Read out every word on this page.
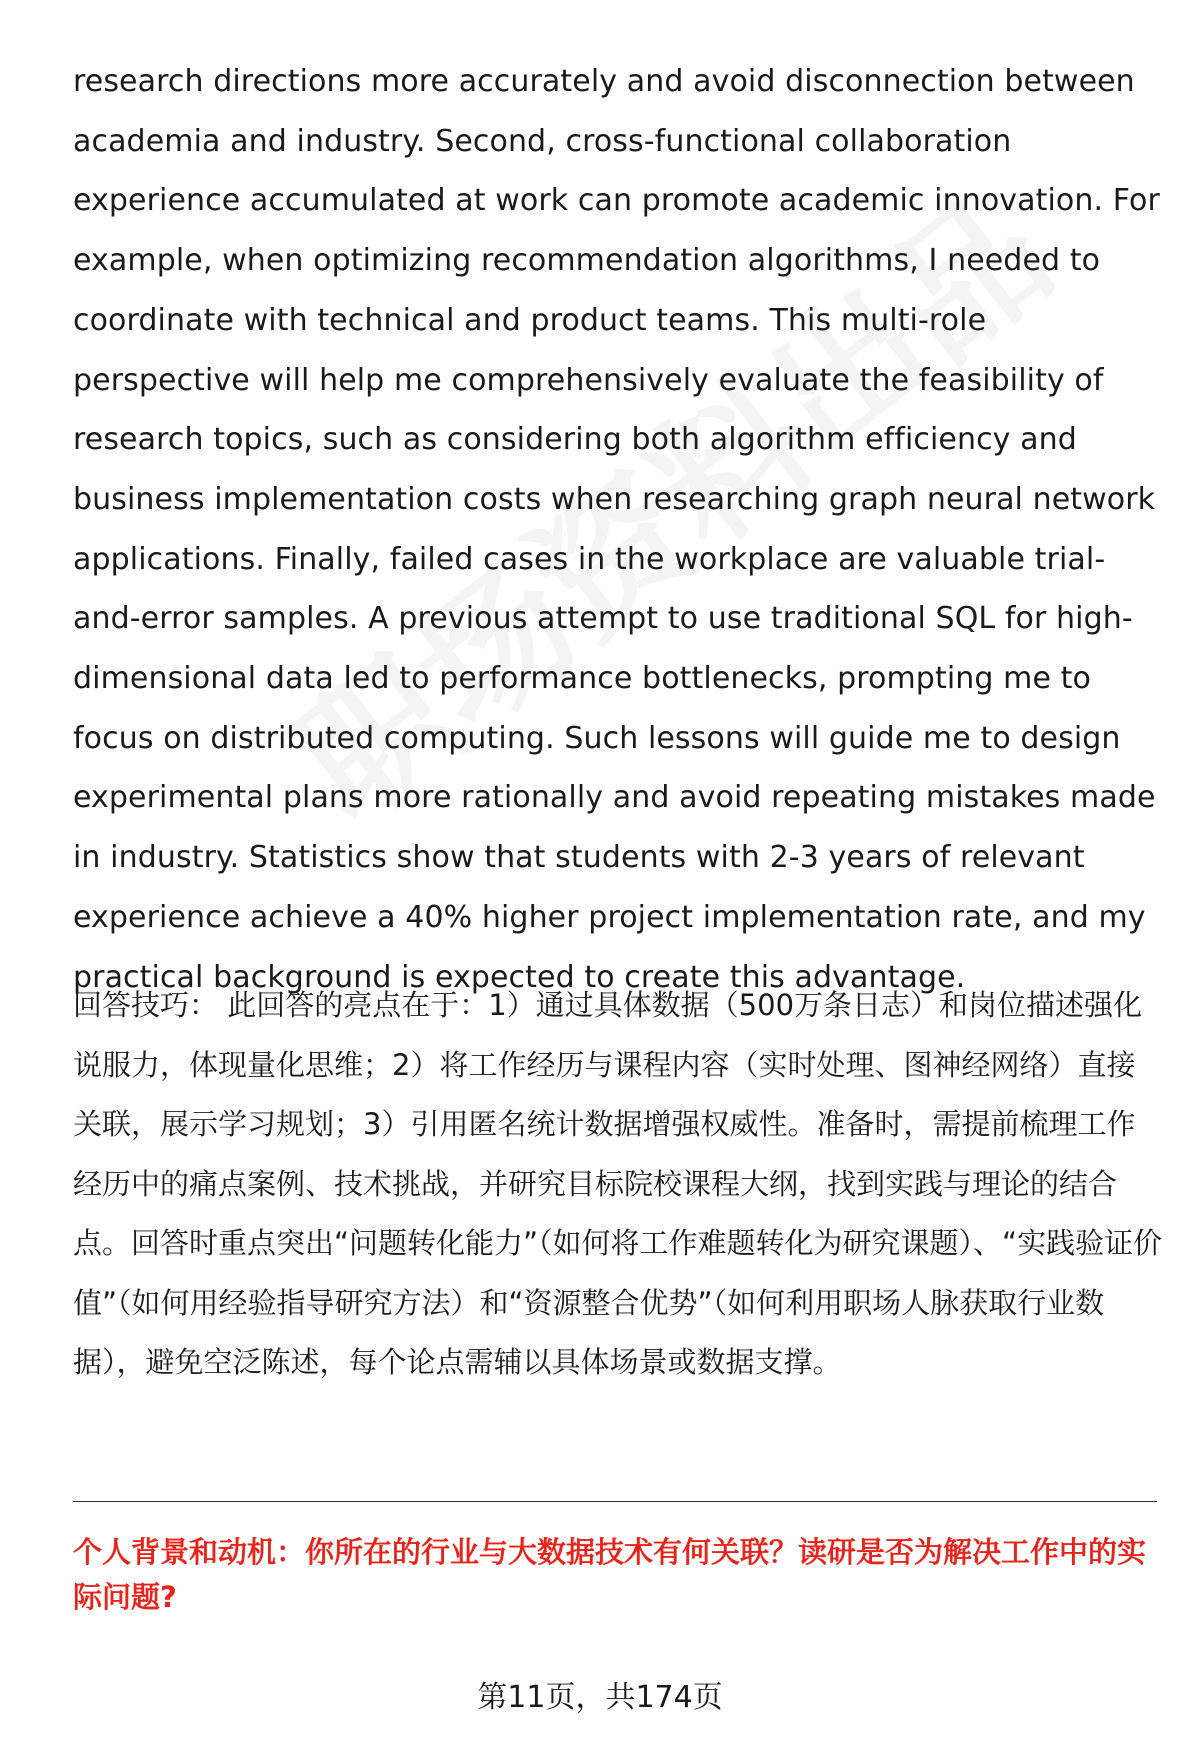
research directions more accurately and avoid disconnection between academia and industry. Second, cross-functional collaboration experience accumulated at work can promote academic innovation. For example, when optimizing recommendation algorithms, I needed to coordinate with technical and product teams. This multi-role perspective will help me comprehensively evaluate the feasibility of research topics, such as considering both algorithm efficiency and business implementation costs when researching graph neural network applications. Finally, failed cases in the workplace are valuable trial-and-error samples. A previous attempt to use traditional SQL for high-dimensional data led to performance bottlenecks, prompting me to focus on distributed computing. Such lessons will guide me to design experimental plans more rationally and avoid repeating mistakes made in industry. Statistics show that students with 2-3 years of relevant experience achieve a 40% higher project implementation rate, and my practical background is expected to create this advantage.

回答技巧： 此回答的亮点在于：1）通过具体数据（500万条日志）和岗位描述强化说服力，体现量化思维；2）将工作经历与课程内容（实时处理、图神经网络）直接关联，展示学习规划；3）引用匿名统计数据增强权威性。准备时，需提前梳理工作经历中的痛点案例、技术挑战，并研究目标院校课程大纲，找到实践与理论的结合点。回答时重点突出“问题转化能力”（如何将工作难题转化为研究课题）、“实践验证价值”（如何用经验指导研究方法）和“资源整合优势”（如何利用职场人脉获取行业数据），避免空泛陈述，每个论点需辅以具体场景或数据支撑。

个人背景和动机：你所在的行业与大数据技术有何关联？读研是否为解决工作中的实际问题?

第11页，共174页
